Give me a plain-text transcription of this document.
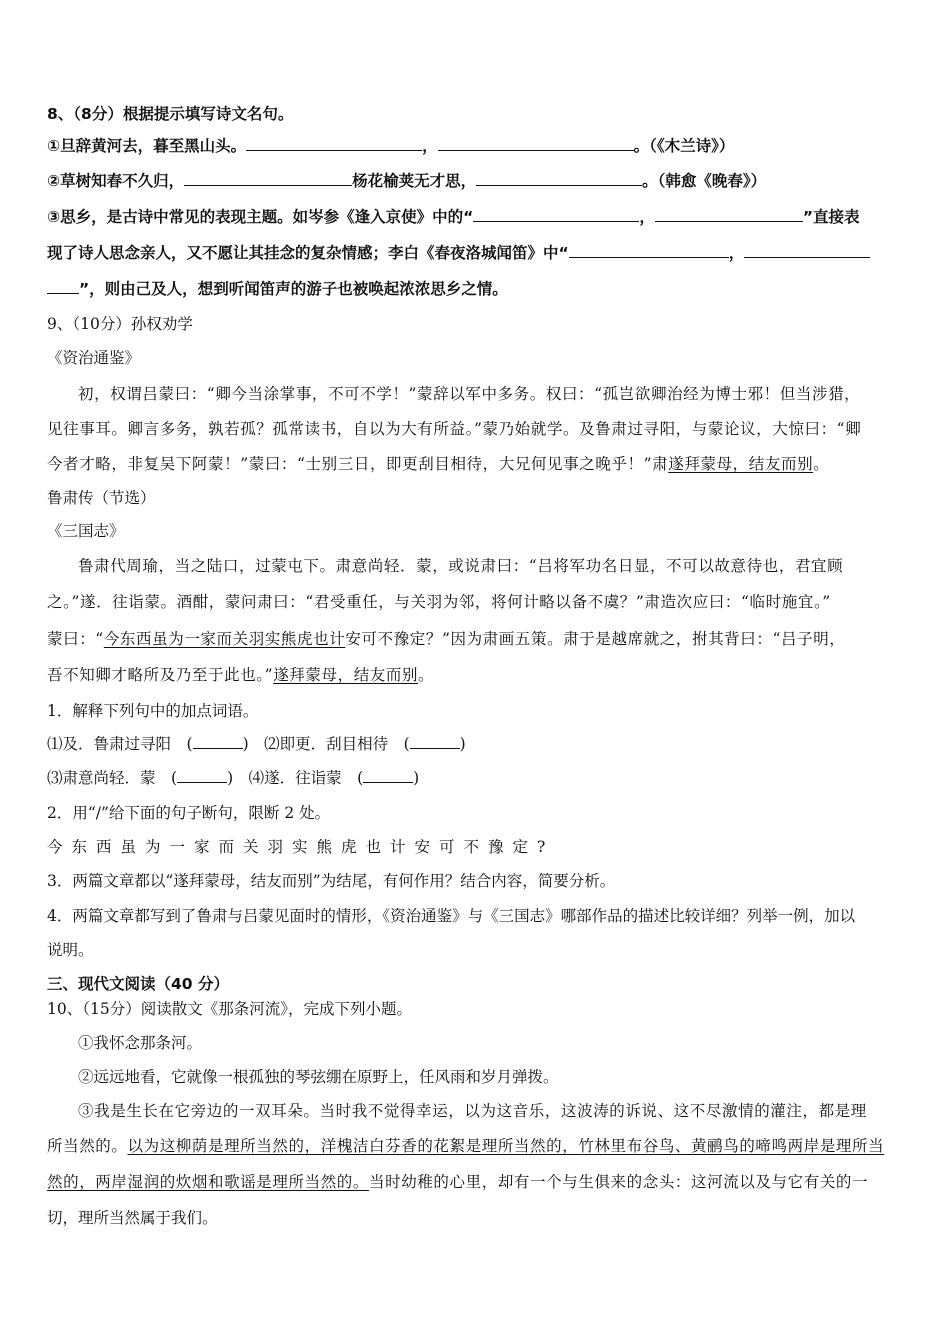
8、（8分）根据提示填写诗文名句。
①旦辞黄河去，暮至黑山头。	，	。（《木兰诗》）
②草树知春不久归，	杨花榆荚无才思，	。（韩愈《晚春》）
③思乡，是古诗中常见的表现主题。如岑参《逢入京使》中的“	，	”直接表
现了诗人思念亲人，又不愿让其挂念的复杂情感；李白《春夜洛城闻笛》中“	，
”，则由己及人，想到听闻笛声的游子也被唤起浓浓思乡之情。
9、（10分）孙权劝学
《资治通鉴》
初，权谓吕蒙曰：“卿今当涂掌事，不可不学！”蒙辞以军中多务。权曰：“孤岂欲卿治经为博士邪！但当涉猎，
见往事耳。卿言多务，孰若孤？孤常读书，自以为大有所益。”蒙乃始就学。及鲁肃过寻阳，与蒙论议，大惊曰：“卿
今者才略，非复吴下阿蒙！”蒙曰：“士别三日，即更刮目相待，大兄何见事之晚乎！”肃遂拜蒙母，结友而别。
鲁肃传（节选）
《三国志》
鲁肃代周瑜，当之陆口，过蒙屯下。肃意尚轻．蒙，或说肃曰：“吕将军功名日显，不可以故意待也，君宜顾
之。”遂．往诣蒙。酒酣，蒙问肃曰：“君受重任，与关羽为邻，将何计略以备不虞？”肃造次应曰：“临时施宜。”
蒙曰：“今东西虽为一家而关羽实熊虎也计安可不豫定？”因为肃画五策。肃于是越席就之，拊其背曰：“吕子明，
吾不知卿才略所及乃至于此也。”遂拜蒙母，结友而别。
1．解释下列句中的加点词语。
⑴及．鲁肃过寻阳　(	)　⑵即更．刮目相待　(	)
⑶肃意尚轻．蒙　(	)　⑷遂．往诣蒙　(	)
2．用“/”给下面的句子断句，限断 2 处。
今东西虽为一家而关羽实熊虎也计安可不豫定?
3．两篇文章都以“遂拜蒙母，结友而别”为结尾，有何作用？结合内容，简要分析。
4．两篇文章都写到了鲁肃与吕蒙见面时的情形，《资治通鉴》与《三国志》哪部作品的描述比较详细？列举一例，加以
说明。
三、现代文阅读（40 分）
10、（15分）阅读散文《那条河流》，完成下列小题。
①我怀念那条河。
②远远地看，它就像一根孤独的琴弦绷在原野上，任风雨和岁月弹拨。
③我是生长在它旁边的一双耳朵。当时我不觉得幸运，以为这音乐，这波涛的诉说、这不尽激情的灌注，都是理
所当然的。以为这柳荫是理所当然的，洋槐洁白芬香的花絮是理所当然的，竹林里布谷鸟、黄鹂鸟的啼鸣两岸是理所当
然的，两岸湿润的炊烟和歌谣是理所当然的。当时幼稚的心里，却有一个与生俱来的念头：这河流以及与它有关的一
切，理所当然属于我们。
